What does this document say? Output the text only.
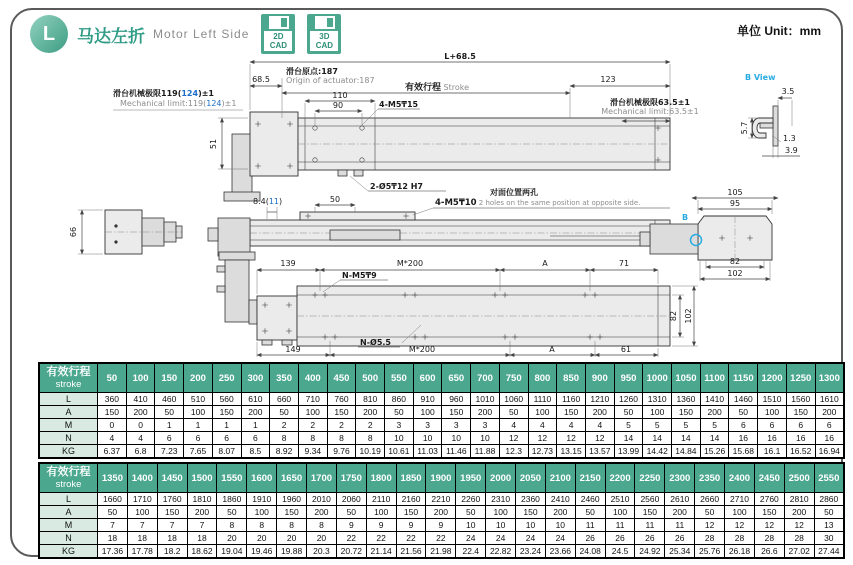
L	马达左折 Motor Left Side	2D CAD
3D CAD
单位 Unit：mm
L+68.5
68.5
滑台原点:187
Origin of actuator:187
有效行程 Stroke
123
滑台机械极限119(124)±1
Mechanical limit:119(124)±1	滑台机械极限63.5±1
Mechanical limit:63.5±1
110
90	4-M5₸15
51
2-Ø5₸12 H7
8.4(11)	50
对面位置两孔
4-M5₸10 2 holes on the same position at opposite side.
66
105
95
B
82
102
B View
3.5
5.7
1.3
3.9
139	M*200	A	71
N-M5₸9
149	M*200	A	61
N-Ø5.5
82 102
有效行程
stroke	50	100	150	200	250	300	350	400	450	500	550	600	650	700	750	800	850	900	950	1000	1050	1100	1150	1200	1250	1300
L	360	410	460	510	560	610	660	710	760	810	860	910	960	1010	1060	1110	1160	1210	1260	1310	1360	1410	1460	1510	1560	1610
A	150	200	50	100	150	200	50	100	150	200	50	100	150	200	50	100	150	200	50	100	150	200	50	100	150	200
M	0	0	1	1	1	1	2	2	2	2	3	3	3	3	4	4	4	4	5	5	5	5	6	6	6	6
N	4	4	6	6	6	6	8	8	8	8	10	10	10	10	12	12	12	12	14	14	14	14	16	16	16	16
KG	6.37	6.8	7.23	7.65	8.07	8.5	8.92	9.34	9.76	10.19	10.61	11.03	11.46	11.88	12.3	12.73	13.15	13.57	13.99	14.42	14.84	15.26	15.68	16.1	16.52	16.94
有效行程
stroke	1350	1400	1450	1500	1550	1600	1650	1700	1750	1800	1850	1900	1950	2000	2050	2100	2150	2200	2250	2300	2350	2400	2450	2500	2550
L	1660	1710	1760	1810	1860	1910	1960	2010	2060	2110	2160	2210	2260	2310	2360	2410	2460	2510	2560	2610	2660	2710	2760	2810	2860
A	50	100	150	200	50	100	150	200	50	100	150	200	50	100	150	200	50	100	150	200	50	100	150	200	50
M	7	7	7	7	8	8	8	8	9	9	9	9	10	10	10	10	11	11	11	11	12	12	12	12	13
N	18	18	18	18	20	20	20	20	22	22	22	22	24	24	24	24	26	26	26	26	28	28	28	28	30
KG	17.36	17.78	18.2	18.62	19.04	19.46	19.88	20.3	20.72	21.14	21.56	21.98	22.4	22.82	23.24	23.66	24.08	24.5	24.92	25.34	25.76	26.18	26.6	27.02	27.44
